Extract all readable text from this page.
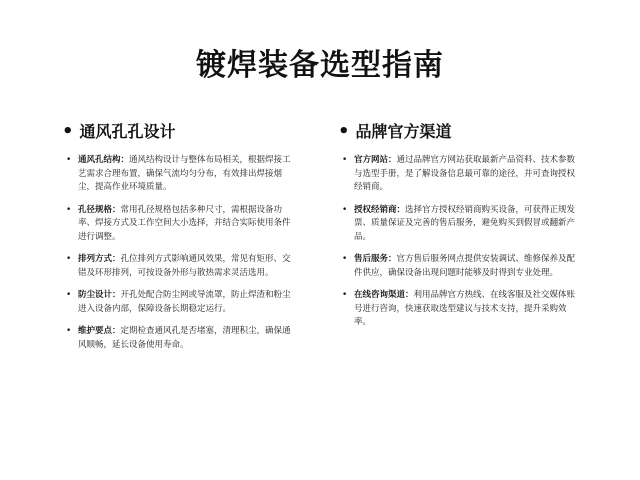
镀焊装备选型指南
• 通风孔孔设计
• 通风孔结构：通风结构设计与整体布局相关，根据焊接工艺需求合理布置，确保气流均匀分布，有效排出焊接烟尘，提高作业环境质量。
• 孔径规格：常用孔径规格包括多种尺寸，需根据设备功率、焊接方式及工作空间大小选择，并结合实际使用条件进行调整。
• 排列方式：孔位排列方式影响通风效果，常见有矩形、交错及环形排列，可按设备外形与散热需求灵活选用。
• 防尘设计：开孔处配合防尘网或导流罩，防止焊渣和粉尘进入设备内部，保障设备长期稳定运行。
• 维护要点：定期检查通风孔是否堵塞，清理积尘，确保通风顺畅，延长设备使用寿命。
• 品牌官方渠道
• 官方网站：通过品牌官方网站获取最新产品资料、技术参数与选型手册，是了解设备信息最可靠的途径，并可查询授权经销商。
• 授权经销商：选择官方授权经销商购买设备，可获得正规发票、质量保证及完善的售后服务，避免购买到假冒或翻新产品。
• 售后服务：官方售后服务网点提供安装调试、维修保养及配件供应，确保设备出现问题时能够及时得到专业处理。
• 在线咨询渠道：利用品牌官方热线、在线客服及社交媒体账号进行咨询，快速获取选型建议与技术支持，提升采购效率。
